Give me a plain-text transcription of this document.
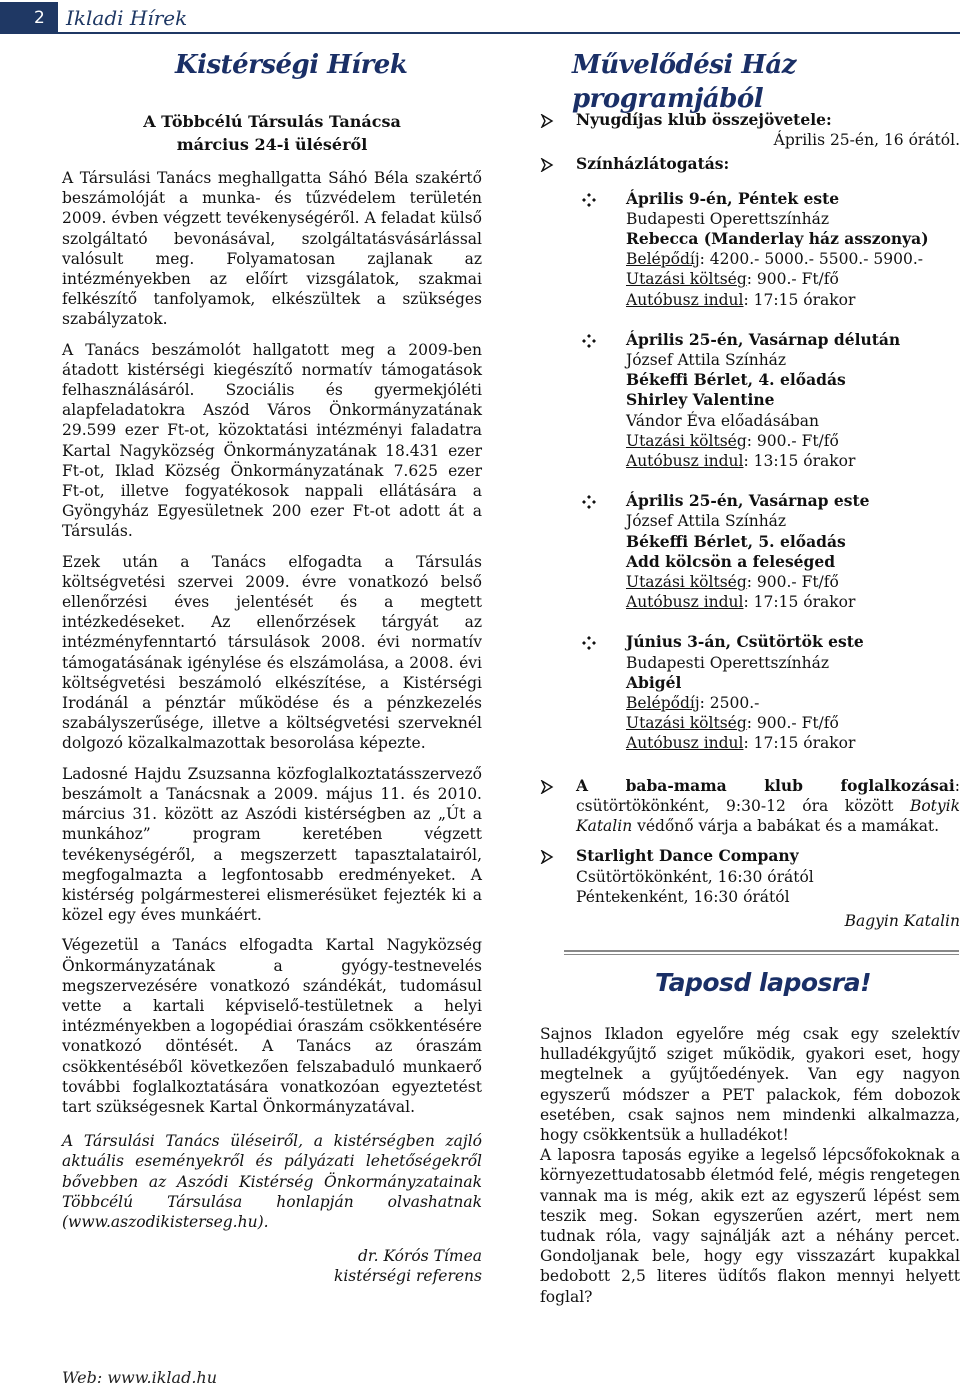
2	Ikladi Hírek
Kistérségi Hírek	Művelődési Ház programjából
A Többcélú Társulás Tanácsa
március 24-i üléséről

A Társulási Tanács meghallgatta Sáhó Béla szakértő beszámolóját a munka- és tűzvédelem területén 2009. évben végzett tevékenységéről. A feladat külső szolgáltató bevonásával, szolgáltatásvásárlással valósult meg. Folyamatosan zajlanak az intézményekben az előírt vizsgálatok, szakmai felkészítő tanfolyamok, elkészültek a szükséges szabályzatok.

A Tanács beszámolót hallgatott meg a 2009-ben átadott kistérségi kiegészítő normatív támogatások felhasználásáról. Szociális és gyermekjóléti alapfeladatokra Aszód Város Önkormányzatának 29.599 ezer Ft-ot, közoktatási intézményi faladatra Kartal Nagyközség Önkormányzatának 18.431 ezer Ft-ot, Iklad Község Önkormányzatának 7.625 ezer Ft-ot, illetve fogyatékosok nappali ellátására a Gyöngyház Egyesületnek 200 ezer Ft-ot adott át a Társulás.

Ezek után a Tanács elfogadta a Társulás költségvetési szervei 2009. évre vonatkozó belső ellenőrzési éves jelentését és a megtett intézkedéseket. Az ellenőrzések tárgyát az intézményfenntartó társulások 2008. évi normatív támogatásának igénylése és elszámolása, a 2008. évi költségvetési beszámoló elkészítése, a Kistérségi Irodánál a pénztár működése és a pénzkezelés szabályszerűsége, illetve a költségvetési szerveknél dolgozó közalkalmazottak besorolása képezte.

Ladosné Hajdu Zsuzsanna közfoglalkoztatásszervező beszámolt a Tanácsnak a 2009. május 11. és 2010. március 31. között az Aszódi kistérségben az „Út a munkához” program keretében végzett tevékenységéről, a megszerzett tapasztalatairól, megfogalmazta a legfontosabb eredményeket. A kistérség polgármesterei elismerésüket fejezték ki a közel egy éves munkáért.

Végezetül a Tanács elfogadta Kartal Nagyközség Önkormányzatának a gyógy-testnevelés megszervezésére vonatkozó szándékát, tudomásul vette a kartali képviselő-testületnek a helyi intézményekben a logopédiai óraszám csökkentésére vonatkozó döntését. A Tanács az óraszám csökkentéséből következően felszabaduló munkaerő további foglalkoztatására vonatkozóan egyeztetést tart szükségesnek Kartal Önkormányzatával.

A Társulási Tanács üléseiről, a kistérségben zajló aktuális eseményekről és pályázati lehetőségekről bővebben az Aszódi Kistérség Önkormányzatainak Többcélú Társulása honlapján olvashatnak (www.aszodikisterseg.hu).

dr. Kórós Tímea
kistérségi referens
Nyugdíjas klub összejövetele:
Április 25-én, 16 órától.
Színházlátogatás:
Április 9-én, Péntek este
Budapesti Operettszínház
Rebecca (Manderlay ház asszonya)
Belépődíj: 4200.- 5000.- 5500.- 5900.-
Utazási költség: 900.- Ft/fő
Autóbusz indul: 17:15 órakor
Április 25-én, Vasárnap délután
József Attila Színház
Békeffi Bérlet, 4. előadás
Shirley Valentine
Vándor Éva előadásában
Utazási költség: 900.- Ft/fő
Autóbusz indul: 13:15 órakor
Április 25-én, Vasárnap este
József Attila Színház
Békeffi Bérlet, 5. előadás
Add kölcsön a feleséged
Utazási költség: 900.- Ft/fő
Autóbusz indul: 17:15 órakor
Június 3-án, Csütörtök este
Budapesti Operettszínház
Abigél
Belépődíj: 2500.-
Utazási költség: 900.- Ft/fő
Autóbusz indul: 17:15 órakor
A baba-mama klub foglalkozásai: csütörtökönként, 9:30-12 óra között Botyik Katalin védőnő várja a babákat és a mamákat.
Starlight Dance Company
Csütörtökönként, 16:30 órától
Péntekenként, 16:30 órától
Bagyin Katalin
Taposd laposra!

Sajnos Ikladon egyelőre még csak egy szelektív hulladékgyűjtő sziget működik, gyakori eset, hogy megtelnek a gyűjtőedények. Van egy nagyon egyszerű módszer a PET palackok, fém dobozok esetében, csak sajnos nem mindenki alkalmazza, hogy csökkentsük a hulladékot!

A laposra taposás egyike a legelső lépcsőfokoknak a környezettudatosabb életmód felé, mégis rengetegen vannak ma is még, akik ezt az egyszerű lépést sem teszik meg. Sokan egyszerűen azért, mert nem tudnak róla, vagy sajnálják azt a néhány percet. Gondoljanak bele, hogy egy visszazárt kupakkal bedobott 2,5 literes üdítős flakon mennyi helyett foglal?

Web: www.iklad.hu
